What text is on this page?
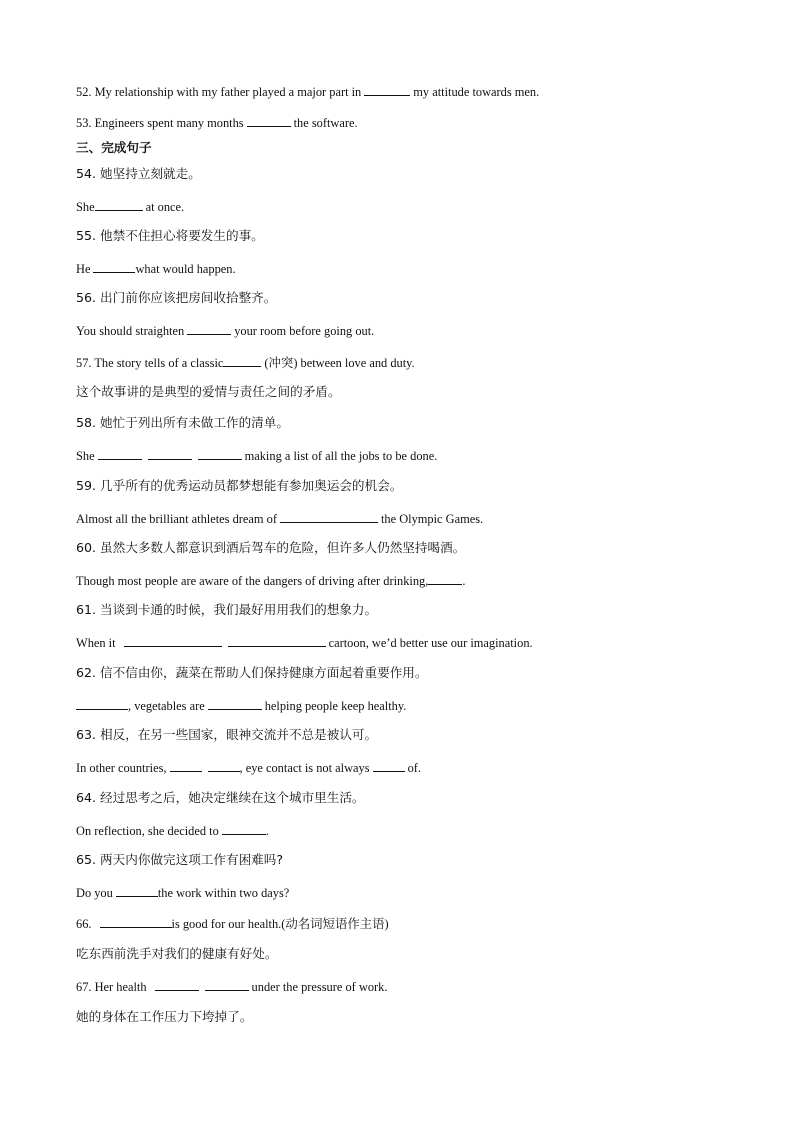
52. My relationship with my father played a major part in	my attitude towards men.
53. Engineers spent many months	the software.
三、完成句子
54. 她坚持立刻就走。
She	at once.
55. 他禁不住担心将要发生的事。
He	what would happen.
56. 出门前你应该把房间收拾整齐。
You should straighten	your room before going out.
57. The story tells of a classic	(冲突) between love and duty.
这个故事讲的是典型的爱情与责任之间的矛盾。
58. 她忙于列出所有未做工作的清单。
She	making a list of all the jobs to be done.
59. 几乎所有的优秀运动员都梦想能有参加奥运会的机会。
Almost all the brilliant athletes dream of	the Olympic Games.
60. 虽然大多数人都意识到酒后驾车的危险，但许多人仍然坚持喝酒。
Though most people are aware of the dangers of driving after drinking,	.
61. 当谈到卡通的时候，我们最好用用我们的想象力。
When it	cartoon, we’d better use our imagination.
62. 信不信由你，蔬菜在帮助人们保持健康方面起着重要作用。
, vegetables are	helping people keep healthy.
63. 相反，在另一些国家，眼神交流并不总是被认可。
In other countries,	, eye contact is not always	of.
64. 经过思考之后，她决定继续在这个城市里生活。
On reflection, she decided to	.
65. 两天内你做完这项工作有困难吗?
Do you	the work within two days?
66.	is good for our health.(动名词短语作主语)
吃东西前洗手对我们的健康有好处。
67. Her health	under the pressure of work.
她的身体在工作压力下垮掉了。
